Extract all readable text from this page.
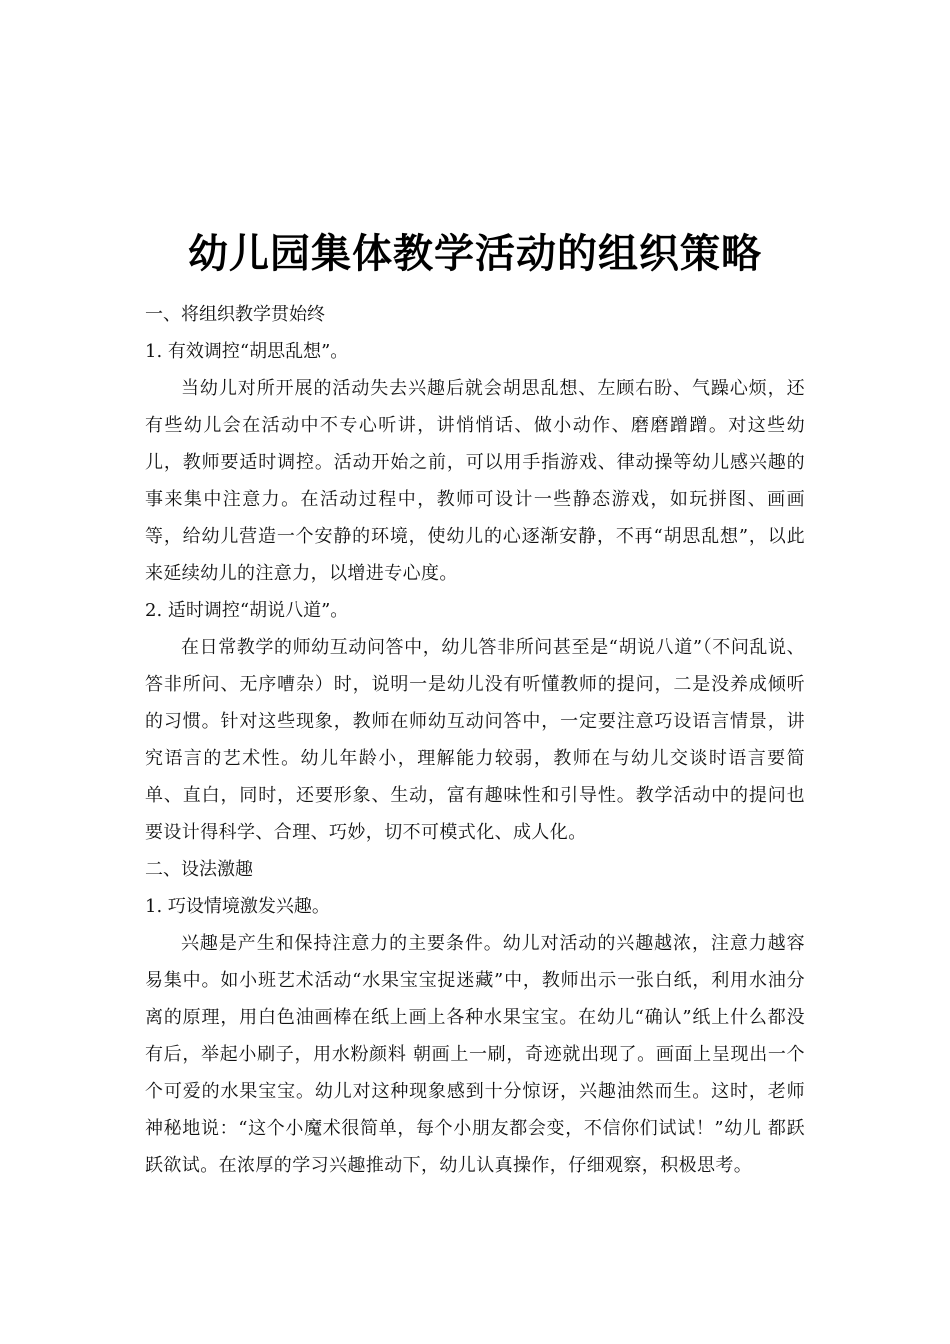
幼儿园集体教学活动的组织策略

一、将组织教学贯始终

1. 有效调控“胡思乱想”。

当幼儿对所开展的活动失去兴趣后就会胡思乱想、左顾右盼、气躁心烦，还有些幼儿会在活动中不专心听讲，讲悄悄话、做小动作、磨磨蹭蹭。对这些幼儿，教师要适时调控。活动开始之前，可以用手指游戏、律动操等幼儿感兴趣的事来集中注意力。在活动过程中，教师可设计一些静态游戏，如玩拼图、画画等，给幼儿营造一个安静的环境，使幼儿的心逐渐安静，不再“胡思乱想”，以此来延续幼儿的注意力，以增进专心度。

2. 适时调控“胡说八道”。

在日常教学的师幼互动问答中，幼儿答非所问甚至是“胡说八道”（不问乱说、答非所问、无序嘈杂）时，说明一是幼儿没有听懂教师的提问，二是没养成倾听的习惯。针对这些现象，教师在师幼互动问答中，一定要注意巧设语言情景，讲究语言的艺术性。幼儿年龄小，理解能力较弱，教师在与幼儿交谈时语言要简单、直白，同时，还要形象、生动，富有趣味性和引导性。教学活动中的提问也要设计得科学、合理、巧妙，切不可模式化、成人化。

二、设法激趣

1. 巧设情境激发兴趣。

兴趣是产生和保持注意力的主要条件。幼儿对活动的兴趣越浓，注意力越容易集中。如小班艺术活动“水果宝宝捉迷藏”中，教师出示一张白纸，利用水油分离的原理，用白色油画棒在纸上画上各种水果宝宝。在幼儿“确认”纸上什么都没有后，举起小刷子，用水粉颜料 朝画上一刷，奇迹就出现了。画面上呈现出一个个可爱的水果宝宝。幼儿对这种现象感到十分惊讶，兴趣油然而生。这时，老师神秘地说：“这个小魔术很简单，每个小朋友都会变，不信你们试试！”幼儿 都跃跃欲试。在浓厚的学习兴趣推动下，幼儿认真操作，仔细观察，积极思考。
